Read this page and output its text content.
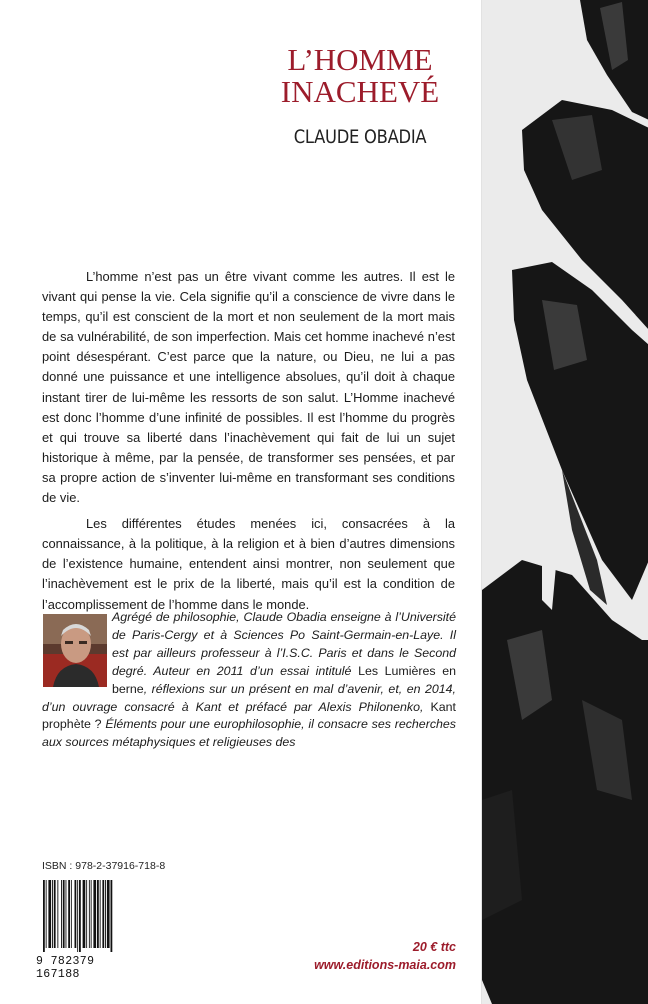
L’HOMME
INACHEVÉ
CLAUDE OBADIA

L’homme n’est pas un être vivant comme les autres. Il est le vivant qui pense la vie. Cela signifie qu’il a conscience de vivre dans le temps, qu’il est conscient de la mort et non seulement de la mort mais de sa vulnérabilité, de son imperfection. Mais cet homme inachevé n’est point désespérant. C’est parce que la nature, ou Dieu, ne lui a pas donné une puissance et une intelligence absolues, qu’il doit à chaque instant tirer de lui-même les ressorts de son salut. L’Homme inachevé est donc l’homme d’une infinité de possibles. Il est l’homme du progrès et qui trouve sa liberté dans l’inachèvement qui fait de lui un sujet historique à même, par la pensée, de transformer ses pensées, et par sa propre action de s’inventer lui-même en transformant ses conditions de vie.

Les différentes études menées ici, consacrées à la connaissance, à la politique, à la religion et à bien d’autres dimensions de l’existence humaine, entendent ainsi montrer, non seulement que l’inachèvement est le prix de la liberté, mais qu’il est la condition de l’accomplissement de l’homme dans le monde.

Agrégé de philosophie, Claude Obadia enseigne à l’Université de Paris-Cergy et à Sciences Po Saint-Germain-en-Laye. Il est par ailleurs professeur à l’I.S.C. Paris et dans le Second degré. Auteur en 2011 d’un essai intitulé Les Lumières en berne, réflexions sur un présent en mal d’avenir, et, en 2014, d’un ouvrage consacré à Kant et préfacé par Alexis Philonenko, Kant prophète ? Éléments pour une europhilosophie, il consacre ses recherches aux sources métaphysiques et religieuses des
ISBN : 978-2-37916-718-8
9 782379 167188
20 € ttc
www.editions-maia.com
